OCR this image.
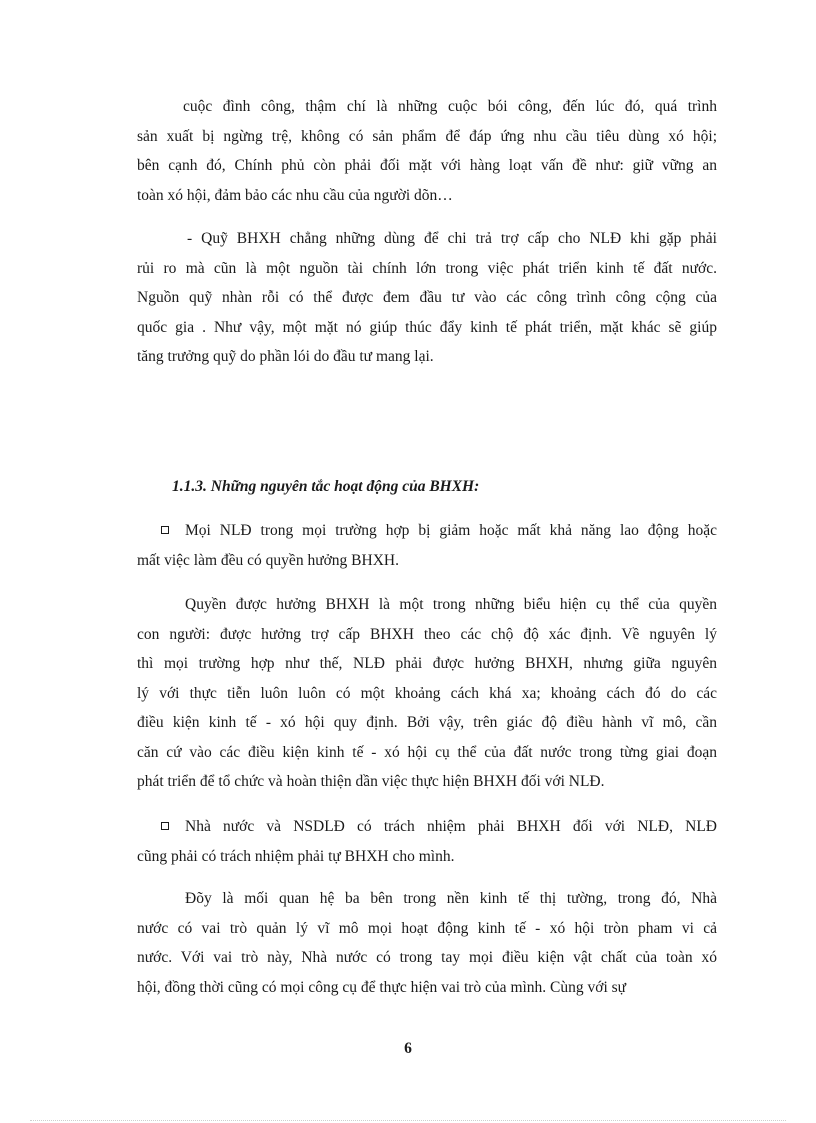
cuộc đình công, thậm chí là những cuộc bói công, đến lúc đó, quá trình
sản xuất bị ngừng trệ, không có sản phẩm để đáp ứng nhu cầu tiêu dùng xó hội;
bên cạnh đó, Chính phủ còn phải đối mặt với hàng loạt vấn đề như: giữ vững an
toàn xó hội, đảm bảo các nhu cầu của người dõn…

- Quỹ BHXH chẳng những dùng để chi trả trợ cấp cho NLĐ khi gặp phải
rủi ro mà cũn là một nguồn tài chính lớn trong việc phát triển kinh tế đất nước.
Nguồn quỹ nhàn rỗi có thể được đem đầu tư vào các công trình công cộng của
quốc gia . Như vậy, một mặt nó giúp thúc đẩy kinh tế phát triển, mặt khác sẽ giúp
tăng trưởng quỹ do phần lói do đầu tư mang lại.

1.1.3. Những nguyên tắc hoạt động của BHXH:

Mọi NLĐ trong mọi trường hợp bị giảm hoặc mất khả năng lao động hoặc
mất việc làm đều có quyền hưởng BHXH.

Quyền được hưởng BHXH là một trong những biểu hiện cụ thể của quyền
con người: được hưởng trợ cấp BHXH theo các chộ độ xác định. Về nguyên lý
thì mọi trường hợp như thế, NLĐ phải được hưởng BHXH, nhưng giữa nguyên
lý với thực tiễn luôn luôn có một khoảng cách khá xa; khoảng cách đó do các
điều kiện kinh tế - xó hội quy định. Bởi vậy, trên giác độ điều hành vĩ mô, cần
căn cứ vào các điều kiện kinh tế - xó hội cụ thể của đất nước trong từng giai đoạn
phát triển để tổ chức và hoàn thiện dần việc thực hiện BHXH đối với NLĐ.

Nhà nước và NSDLĐ có trách nhiệm phải BHXH đối với NLĐ, NLĐ
cũng phải có trách nhiệm phải tự BHXH cho mình.

Đõy là mối quan hệ ba bên trong nền kinh tế thị tường, trong đó, Nhà
nước có vai trò quản lý vĩ mô mọi hoạt động kinh tế - xó hội tròn pham vi cả
nước. Với vai trò này, Nhà nước có trong tay mọi điều kiện vật chất của toàn xó
hội, đồng thời cũng có mọi công cụ để thực hiện vai trò của mình. Cùng với sự

6
